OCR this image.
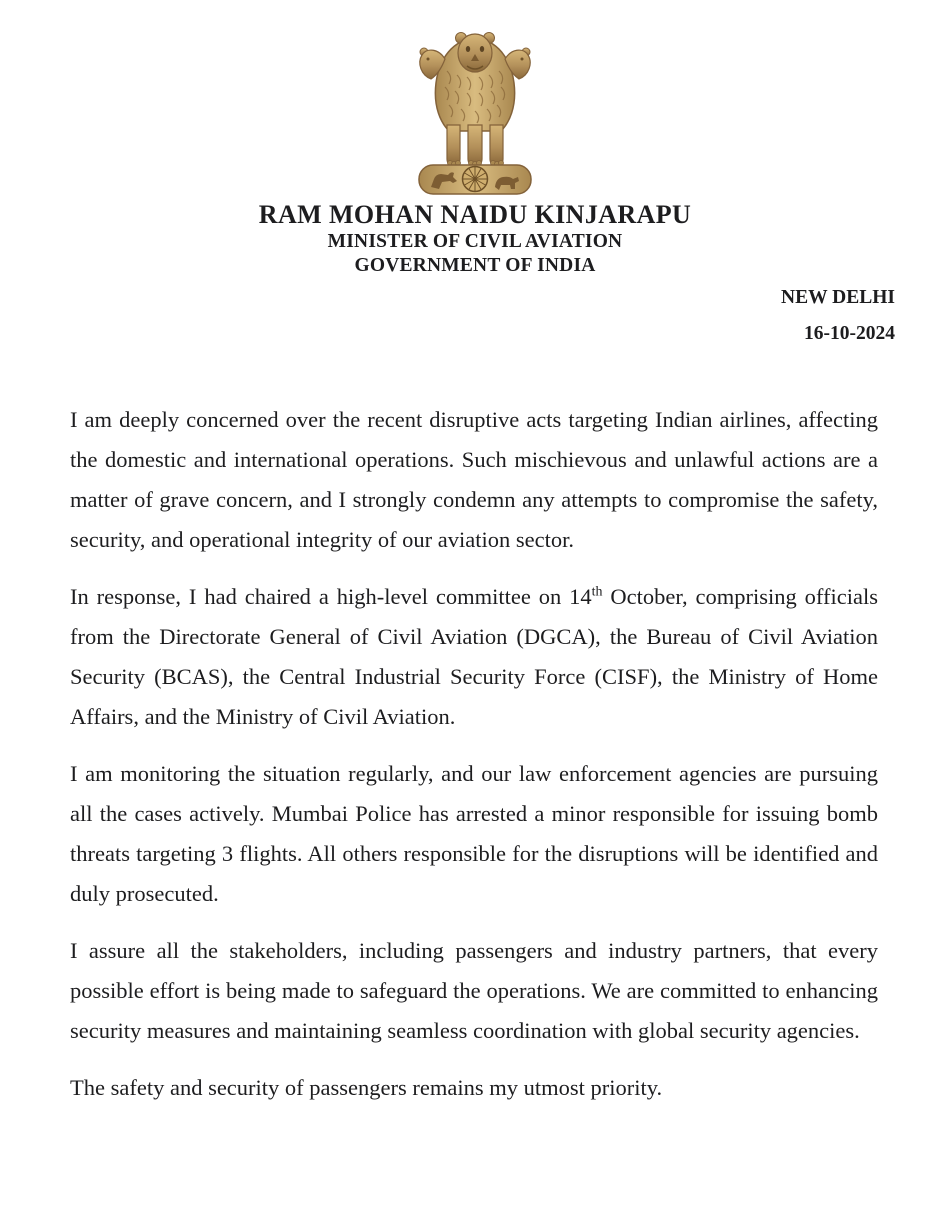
RAM MOHAN NAIDU KINJARAPU
MINISTER OF CIVIL AVIATION
GOVERNMENT OF INDIA
NEW DELHI
16-10-2024

I am deeply concerned over the recent disruptive acts targeting Indian airlines, affecting the domestic and international operations. Such mischievous and unlawful actions are a matter of grave concern, and I strongly condemn any attempts to compromise the safety, security, and operational integrity of our aviation sector.

In response, I had chaired a high-level committee on 14th October, comprising officials from the Directorate General of Civil Aviation (DGCA), the Bureau of Civil Aviation Security (BCAS), the Central Industrial Security Force (CISF), the Ministry of Home Affairs, and the Ministry of Civil Aviation.

I am monitoring the situation regularly, and our law enforcement agencies are pursuing all the cases actively. Mumbai Police has arrested a minor responsible for issuing bomb threats targeting 3 flights. All others responsible for the disruptions will be identified and duly prosecuted.

I assure all the stakeholders, including passengers and industry partners, that every possible effort is being made to safeguard the operations. We are committed to enhancing security measures and maintaining seamless coordination with global security agencies.

The safety and security of passengers remains my utmost priority.
